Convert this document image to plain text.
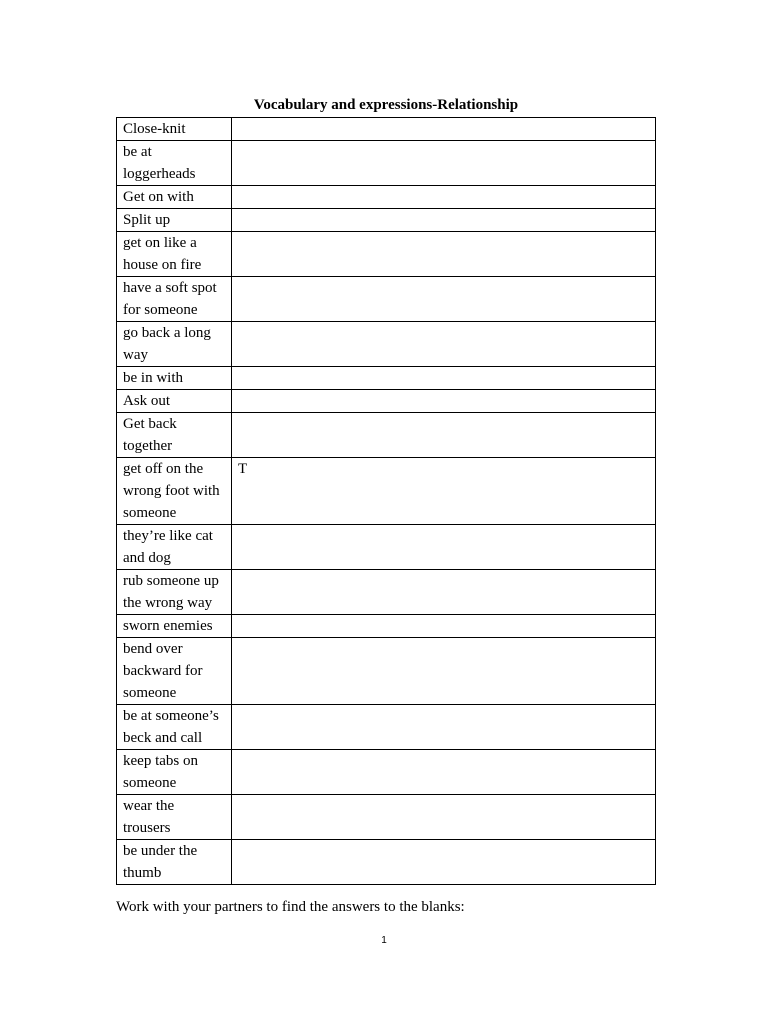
Vocabulary and expressions-Relationship
Close-knit	
be at loggerheads	
Get on with	
Split up	
get on like a house on fire	
have a soft spot for someone	
go back a long way	
be in with	
Ask out	
Get back together	
get off on the wrong foot with someone	T
they’re like cat and dog	
rub someone up the wrong way	
sworn enemies	
bend over backward for someone	
be at someone’s beck and call	
keep tabs on someone	
wear the trousers	
be under the thumb	
Work with your partners to find the answers to the blanks:
1
